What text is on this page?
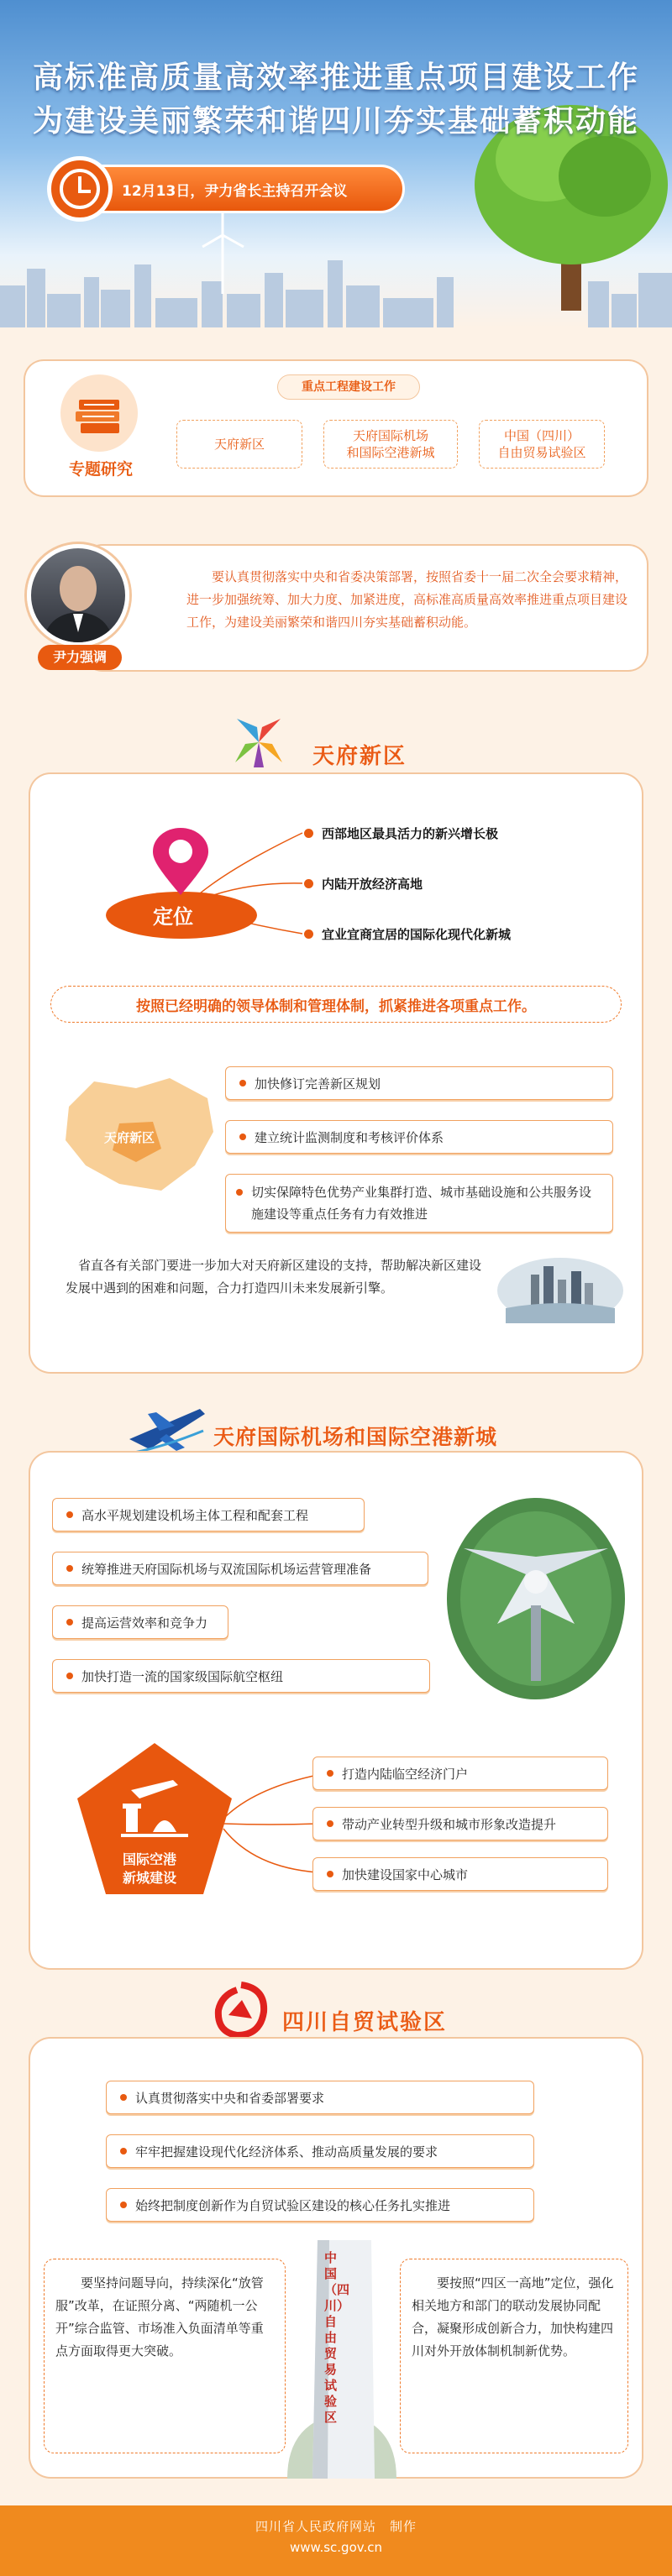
高标准高质量高效率推进重点项目建设工作
为建设美丽繁荣和谐四川夯实基础蓄积动能
12月13日，尹力省长主持召开会议
专题研究
重点工程建设工作
天府新区
天府国际机场
和国际空港新城
中国（四川）
自由贸易试验区
尹力强调
要认真贯彻落实中央和省委决策部署，按照省委十一届二次全会要求精神，进一步加强统筹、加大力度、加紧进度，高标准高质量高效率推进重点项目建设工作，为建设美丽繁荣和谐四川夯实基础蓄积动能。
天府新区
定位
西部地区最具活力的新兴增长极
内陆开放经济高地
宜业宜商宜居的国际化现代化新城
按照已经明确的领导体制和管理体制，抓紧推进各项重点工作。
天府新区
加快修订完善新区规划
建立统计监测制度和考核评价体系
切实保障特色优势产业集群打造、城市基础设施和公共服务设施建设等重点任务有力有效推进
省直各有关部门要进一步加大对天府新区建设的支持，帮助解决新区建设发展中遇到的困难和问题，合力打造四川未来发展新引擎。
天府国际机场和国际空港新城
高水平规划建设机场主体工程和配套工程
统筹推进天府国际机场与双流国际机场运营管理准备
提高运营效率和竞争力
加快打造一流的国家级国际航空枢纽
国际空港
新城建设
打造内陆临空经济门户
带动产业转型升级和城市形象改造提升
加快建设国家中心城市
四川自贸试验区
认真贯彻落实中央和省委部署要求
牢牢把握建设现代化经济体系、推动高质量发展的要求
始终把制度创新作为自贸试验区建设的核心任务扎实推进
要坚持问题导向，持续深化“放管服”改革，在证照分离、“两随机一公开”综合监管、市场准入负面清单等重点方面取得更大突破。
要按照“四区一高地”定位，强化相关地方和部门的联动发展协同配合，凝聚形成创新合力，加快构建四川对外开放体制机制新优势。
中国（四川）自由贸易试验区
四川省人民政府网站　制作
www.sc.gov.cn
